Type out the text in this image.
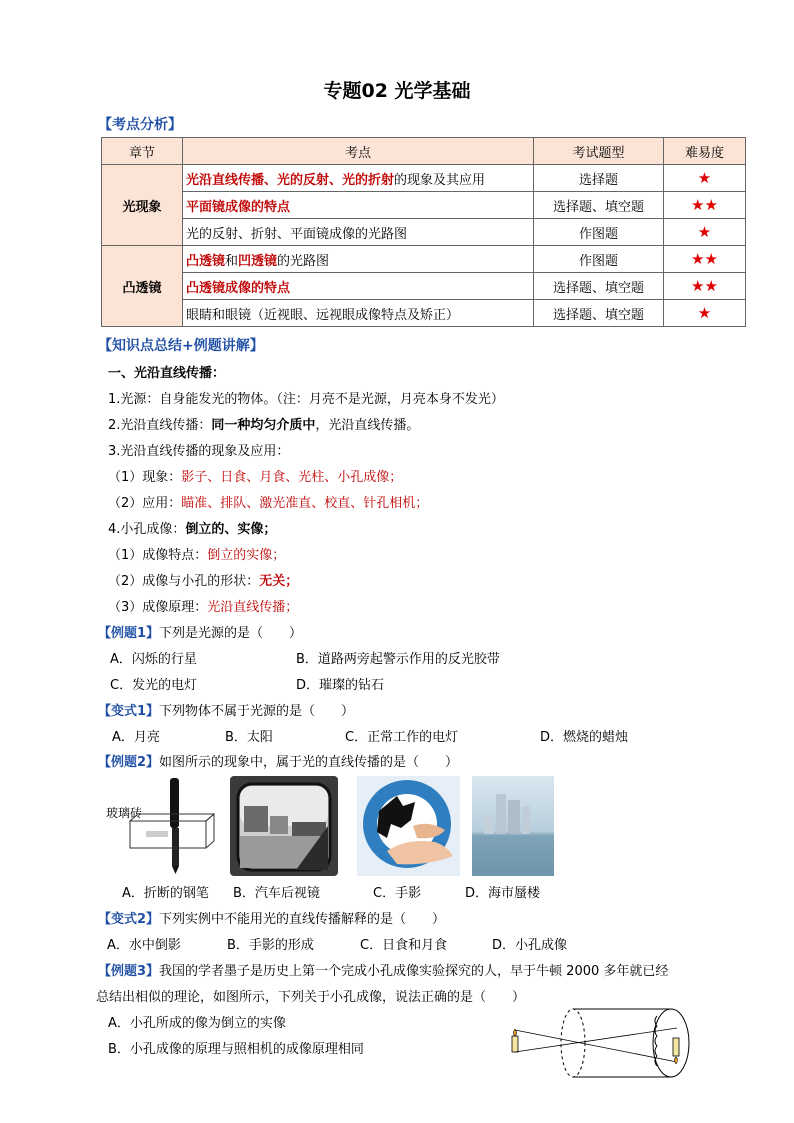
专题02 光学基础
【考点分析】
章节	考点	考试题型	难易度
光现象	光沿直线传播、光的反射、光的折射的现象及其应用	选择题	★
	平面镜成像的特点	选择题、填空题	★★
	光的反射、折射、平面镜成像的光路图	作图题	★
凸透镜	凸透镜和凹透镜的光路图	作图题	★★
	凸透镜成像的特点	选择题、填空题	★★
	眼睛和眼镜（近视眼、远视眼成像特点及矫正）	选择题、填空题	★
【知识点总结+例题讲解】
一、光沿直线传播：
1.光源：自身能发光的物体。（注：月亮不是光源，月亮本身不发光）
2.光沿直线传播：同一种均匀介质中，光沿直线传播。
3.光沿直线传播的现象及应用：
（1）现象：影子、日食、月食、光柱、小孔成像；
（2）应用：瞄准、排队、激光准直、校直、针孔相机；
4.小孔成像：倒立的、实像；
（1）成像特点：倒立的实像；
（2）成像与小孔的形状：无关；
（3）成像原理：光沿直线传播；
【例题1】下列是光源的是（　　）
A．闪烁的行星	B．道路两旁起警示作用的反光胶带
C．发光的电灯	D．璀璨的钻石
【变式1】下列物体不属于光源的是（　　）
A．月亮	B．太阳	C．正常工作的电灯	D．燃烧的蜡烛
【例题2】如图所示的现象中，属于光的直线传播的是（　　）
玻璃砖
A．折断的钢笔 B．汽车后视镜	C．手影	D．海市蜃楼
【变式2】下列实例中不能用光的直线传播解释的是（　　）
A．水中倒影	B．手影的形成	C．日食和月食	D．小孔成像
【例题3】我国的学者墨子是历史上第一个完成小孔成像实验探究的人，早于牛顿 2000 多年就已经
总结出相似的理论，如图所示，下列关于小孔成像，说法正确的是（　　）
A．小孔所成的像为倒立的实像
B．小孔成像的原理与照相机的成像原理相同
